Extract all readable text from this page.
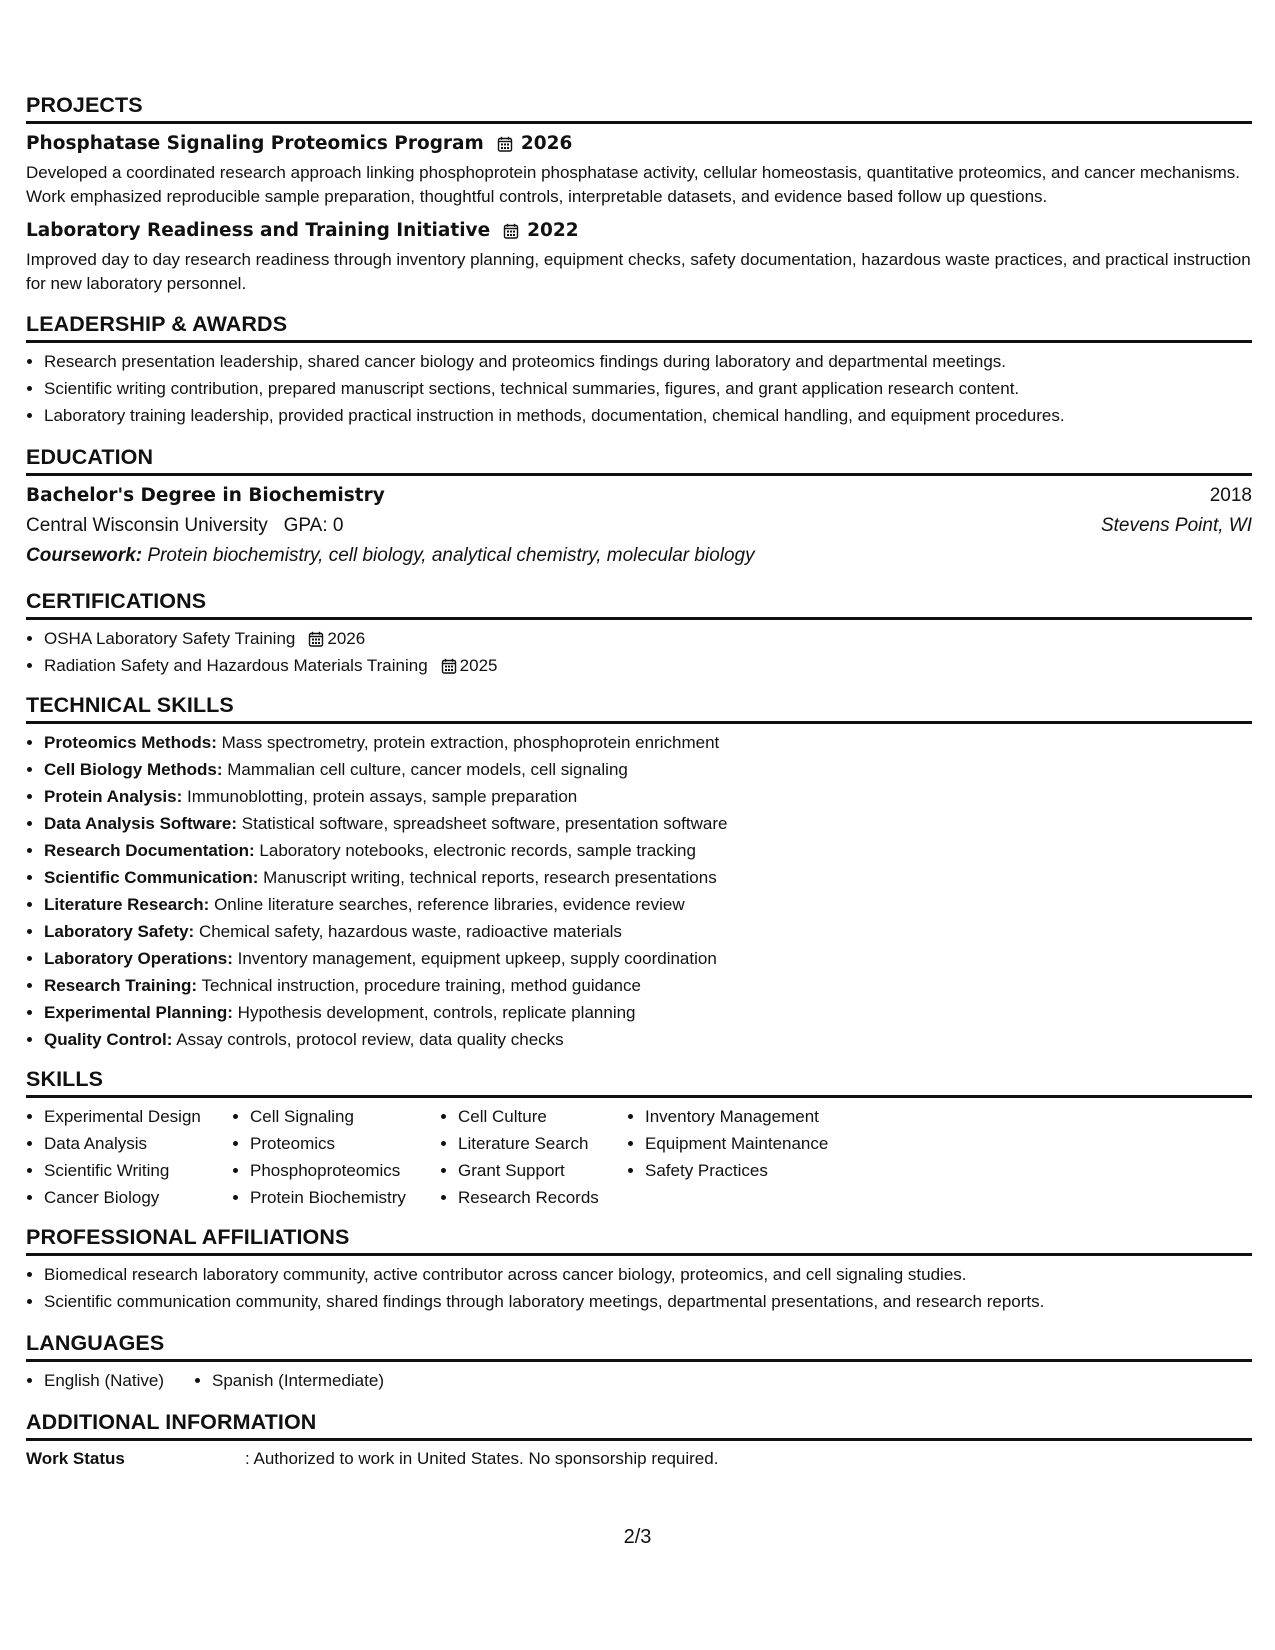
PROJECTS
Phosphatase Signaling Proteomics Program 2026

Developed a coordinated research approach linking phosphoprotein phosphatase activity, cellular homeostasis, quantitative proteomics, and cancer mechanisms. Work emphasized reproducible sample preparation, thoughtful controls, interpretable datasets, and evidence based follow up questions.

Laboratory Readiness and Training Initiative 2022

Improved day to day research readiness through inventory planning, equipment checks, safety documentation, hazardous waste practices, and practical instruction for new laboratory personnel.

LEADERSHIP & AWARDS
• Research presentation leadership, shared cancer biology and proteomics findings during laboratory and departmental meetings.
• Scientific writing contribution, prepared manuscript sections, technical summaries, figures, and grant application research content.
• Laboratory training leadership, provided practical instruction in methods, documentation, chemical handling, and equipment procedures.
EDUCATION
Bachelor's Degree in Biochemistry	2018
Central Wisconsin University GPA: 0	Stevens Point, WI
Coursework: Protein biochemistry, cell biology, analytical chemistry, molecular biology
CERTIFICATIONS
• OSHA Laboratory Safety Training 2026
• Radiation Safety and Hazardous Materials Training 2025
TECHNICAL SKILLS
• Proteomics Methods: Mass spectrometry, protein extraction, phosphoprotein enrichment
• Cell Biology Methods: Mammalian cell culture, cancer models, cell signaling
• Protein Analysis: Immunoblotting, protein assays, sample preparation
• Data Analysis Software: Statistical software, spreadsheet software, presentation software
• Research Documentation: Laboratory notebooks, electronic records, sample tracking
• Scientific Communication: Manuscript writing, technical reports, research presentations
• Literature Research: Online literature searches, reference libraries, evidence review
• Laboratory Safety: Chemical safety, hazardous waste, radioactive materials
• Laboratory Operations: Inventory management, equipment upkeep, supply coordination
• Research Training: Technical instruction, procedure training, method guidance
• Experimental Planning: Hypothesis development, controls, replicate planning
• Quality Control: Assay controls, protocol review, data quality checks
SKILLS
• Experimental Design
• Data Analysis
• Scientific Writing
• Cancer Biology
• Cell Signaling
• Proteomics
• Phosphoproteomics
• Protein Biochemistry
• Cell Culture
• Literature Search
• Grant Support
• Research Records
• Inventory Management
• Equipment Maintenance
• Safety Practices
PROFESSIONAL AFFILIATIONS
• Biomedical research laboratory community, active contributor across cancer biology, proteomics, and cell signaling studies.
• Scientific communication community, shared findings through laboratory meetings, departmental presentations, and research reports.
LANGUAGES
• English (Native)
•	Spanish (Intermediate)
ADDITIONAL INFORMATION
Work Status	: Authorized to work in United States. No sponsorship required.
2/3
